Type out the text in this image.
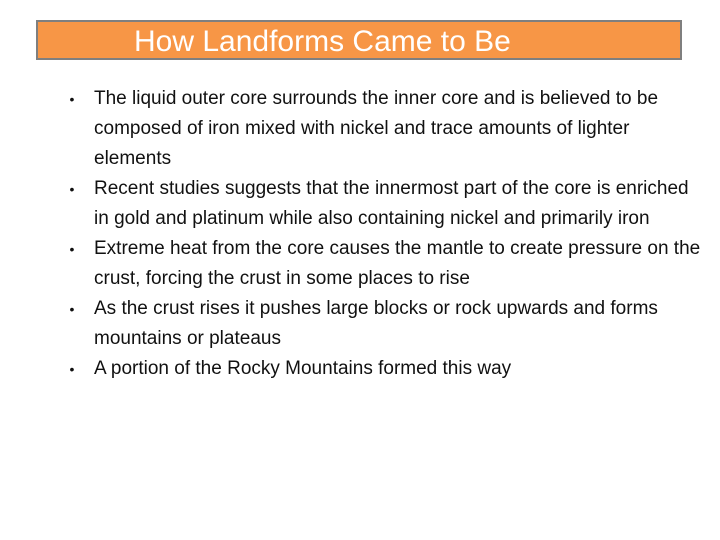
How Landforms Came to Be
• The liquid outer core surrounds the inner core and is believed to be composed of iron mixed with nickel and trace amounts of lighter elements
• Recent studies suggests that the innermost part of the core is enriched in gold and platinum while also containing nickel and primarily iron
• Extreme heat from the core causes the mantle to create pressure on the crust, forcing the crust in some places to rise
• As the crust rises it pushes large blocks or rock upwards and forms mountains or plateaus
• A portion of the Rocky Mountains formed this way
